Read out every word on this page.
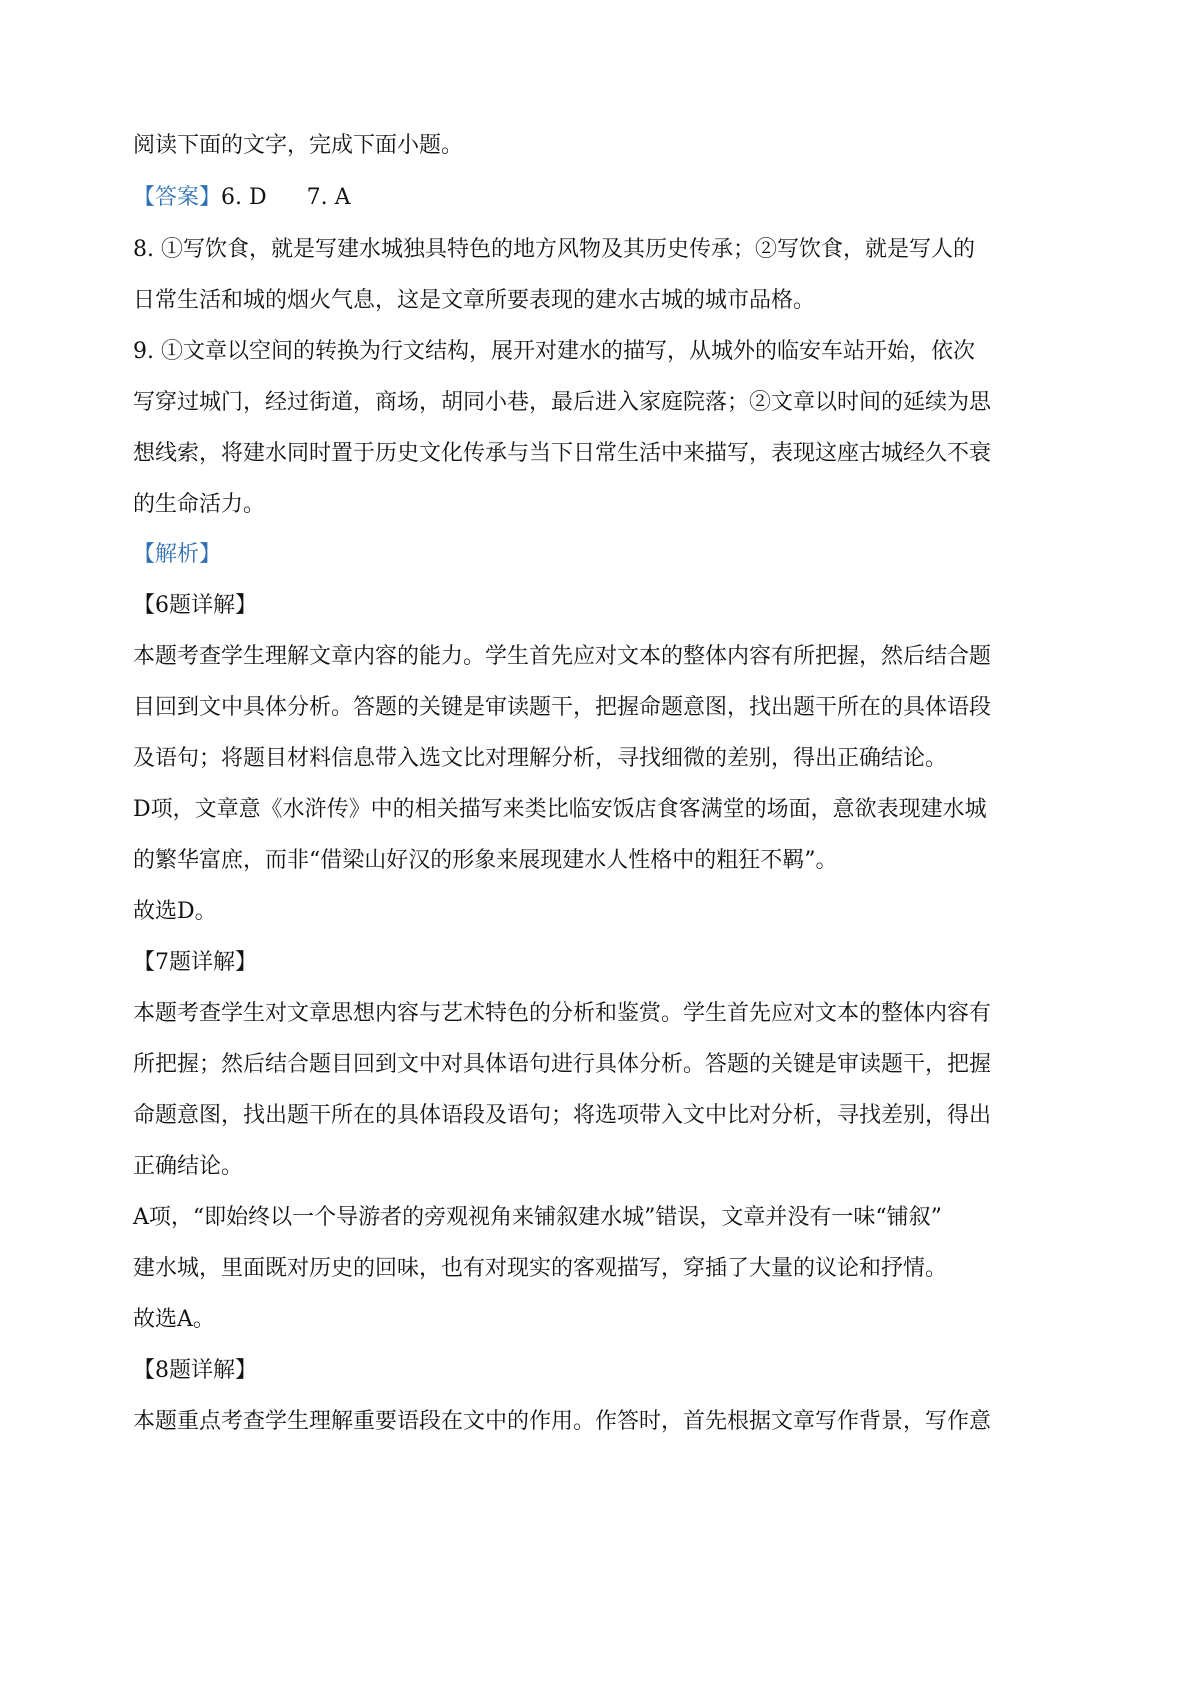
阅读下面的文字，完成下面小题。
【答案】6. D 7. A
8. ①写饮食，就是写建水城独具特色的地方风物及其历史传承；②写饮食，就是写人的
日常生活和城的烟火气息，这是文章所要表现的建水古城的城市品格。
9. ①文章以空间的转换为行文结构，展开对建水的描写，从城外的临安车站开始，依次
写穿过城门，经过街道，商场，胡同小巷，最后进入家庭院落；②文章以时间的延续为思
想线索，将建水同时置于历史文化传承与当下日常生活中来描写，表现这座古城经久不衰
的生命活力。
【解析】
【6题详解】
本题考查学生理解文章内容的能力。学生首先应对文本的整体内容有所把握，然后结合题
目回到文中具体分析。答题的关键是审读题干，把握命题意图，找出题干所在的具体语段
及语句；将题目材料信息带入选文比对理解分析，寻找细微的差别，得出正确结论。
D项，文章意《水浒传》中的相关描写来类比临安饭店食客满堂的场面，意欲表现建水城
的繁华富庶，而非“借梁山好汉的形象来展现建水人性格中的粗狂不羁”。
故选D。
【7题详解】
本题考查学生对文章思想内容与艺术特色的分析和鉴赏。学生首先应对文本的整体内容有
所把握；然后结合题目回到文中对具体语句进行具体分析。答题的关键是审读题干，把握
命题意图，找出题干所在的具体语段及语句；将选项带入文中比对分析，寻找差别，得出
正确结论。
A项，“即始终以一个导游者的旁观视角来铺叙建水城”错误，文章并没有一味“铺叙”
建水城，里面既对历史的回味，也有对现实的客观描写，穿插了大量的议论和抒情。
故选A。
【8题详解】
本题重点考查学生理解重要语段在文中的作用。作答时，首先根据文章写作背景，写作意
